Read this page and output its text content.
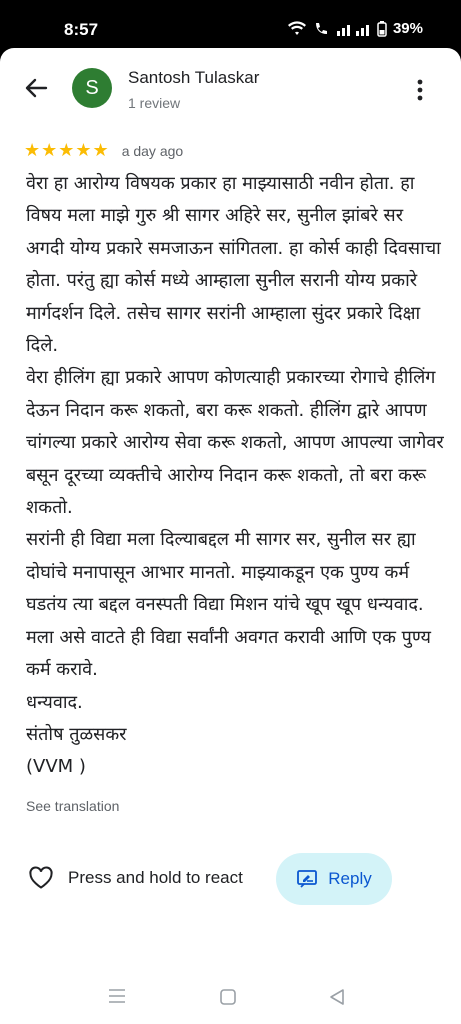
8:57	39%
S Santosh Tulaskar
1 review
★★★★★ a day ago
वेरा हा आरोग्य विषयक प्रकार हा माझ्यासाठी नवीन होता. हा विषय मला माझे गुरु श्री सागर अहिरे सर, सुनील झांबरे सर अगदी योग्य प्रकारे समजाऊन सांगितला. हा कोर्स काही दिवसाचा होता. परंतु ह्या कोर्स मध्ये आम्हाला सुनील सरानी योग्य प्रकारे मार्गदर्शन दिले. तसेच सागर सरांनी आम्हाला सुंदर प्रकारे दिक्षा दिले.
वेरा हीलिंग ह्या प्रकारे आपण कोणत्याही प्रकारच्या रोगाचे हीलिंग देऊन निदान करू शकतो, बरा करू शकतो. हीलिंग द्वारे आपण चांगल्या प्रकारे आरोग्य सेवा करू शकतो, आपण आपल्या जागेवर बसून दूरच्या व्यक्तीचे आरोग्य निदान करू शकतो, तो बरा करू शकतो.
सरांनी ही विद्या मला दिल्याबद्दल मी सागर सर, सुनील सर ह्या दोघांचे मनापासून आभार मानतो. माझ्याकडून एक पुण्य कर्म घडतंय त्या बद्दल वनस्पती विद्या मिशन यांचे खूप खूप धन्यवाद. मला असे वाटते ही विद्या सर्वांनी अवगत करावी आणि एक पुण्य कर्म करावे.
धन्यवाद.
संतोष तुळसकर
(VVM )
See translation
Press and hold to react	Reply
